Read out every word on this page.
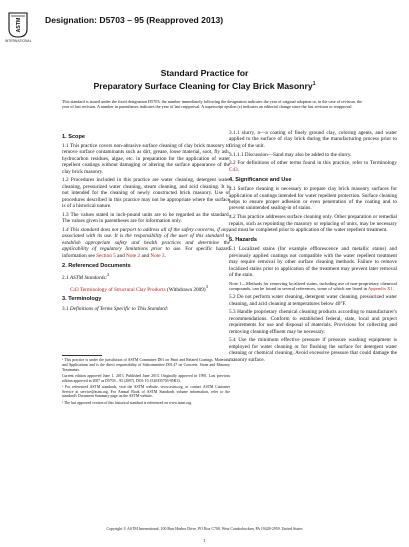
ASTM
INTERNATIONAL
Designation: D5703 – 95 (Reapproved 2013)
Standard Practice for
Preparatory Surface Cleaning for Clay Brick Masonry$^1$
This standard is issued under the fixed designation D5703; the number immediately following the designation indicates the year of original adoption or, in the case of revision, the year of last revision. A number in parentheses indicates the year of last reapproval. A superscript epsilon (ε) indicates an editorial change since the last revision or reapproval.
1. Scope

1.1 This practice covers non-abrasive surface cleaning of clay brick masonry to remove surface contaminants such as dirt, grease, loose material, soot, fly ash, hydrocarbon residues, algae, etc. in preparation for the application of water repellent coatings without damaging or altering the surface appearance of the clay brick masonry.

1.2 Procedures included in this practice are water cleaning, detergent water cleaning, pressurized water cleaning, steam cleaning, and acid cleaning. It is not intended for the cleaning of newly constructed brick masonry. Use of procedures described in this practice may not be appropriate where the surface is of a historical nature.

1.3 The values stated in inch-pound units are to be regarded as the standard. The values given in parentheses are for information only.

1.4 This standard does not purport to address all of the safety concerns, if any, associated with its use. It is the responsibility of the user of this standard to establish appropriate safety and health practices and determine the applicability of regulatory limitations prior to use. For specific hazard information see Section 5 and Note 2 and Note 3.

2. Referenced Documents

2.1 ASTM Standards:$^2$

C43 Terminology of Structural Clay Products (Withdrawn 2009)$^3$

3. Terminology

3.1 Definitions of Terms Specific to This Standard:

¹ This practice is under the jurisdiction of ASTM Committee D01 on Paint and Related Coatings, Materials, and Applications and is the direct responsibility of Subcommittee D01.47 on Concrete, Stone and Masonry Treatments.

Current edition approved June 1, 2013. Published June 2013. Originally approved in 1995. Last previous edition approved in 2007 as D5703 – 95 (2007). DOI: 10.1520/D5703-95R13.

² For referenced ASTM standards, visit the ASTM website, www.astm.org, or contact ASTM Customer Service at service@astm.org. For Annual Book of ASTM Standards volume information, refer to the standard's Document Summary page on the ASTM website.

³ The last approved version of this historical standard is referenced on www.astm.org.

3.1.1 slurry, n—a coating of finely ground clay, coloring agents, and water applied to the surface of clay brick during the manufacturing process prior to firing of the unit.

3.1.1.1 Discussion—Sand may also be added to the slurry.

3.2 For definitions of other terms found in this practice, refer to Terminology C43.

4. Significance and Use

4.1 Surface cleaning is necessary to prepare clay brick masonry surfaces for application of coatings intended for water repellent protection. Surface cleaning helps to ensure proper adhesion or even penetration of the coating and to prevent unintended sealing-in of stains.

4.2 This practice addresses surface cleaning only. Other preparation or remedial repairs, such as repointing the masonry or replacing of units, may be necessary and must be completed prior to application of the water repellent treatment.

5. Hazards

5.1 Localized stains (for example efflorescence and metallic stains) and previously applied coatings not compatible with the water repellent treatment may require removal by other surface cleaning methods. Failure to remove localized stains prior to application of the treatment may prevent later removal of the stain.

Note 1—Methods for removing localized stains, including use of non-proprietary chemical compounds, can be found in several references, some of which are listed in Appendix X1.

5.2 Do not perform water cleaning, detergent water cleaning, pressurized water cleaning, and acid cleaning at temperatures below 40°F.

5.3 Handle proprietary chemical cleaning products according to manufacturer's recommendations. Conform to established federal, state, local and project requirements for use and disposal of materials. Provisions for collecting and removing cleaning effluent may be necessary.

5.4 Use the minimum effective pressure if pressure washing equipment is employed for water cleaning or for flushing the surface for detergent water cleaning or chemical cleaning. Avoid excessive pressure that could damage the masonry surface.

Copyright © ASTM International, 100 Barr Harbor Drive, PO Box C700, West Conshohocken, PA 19428-2959. United States
1
